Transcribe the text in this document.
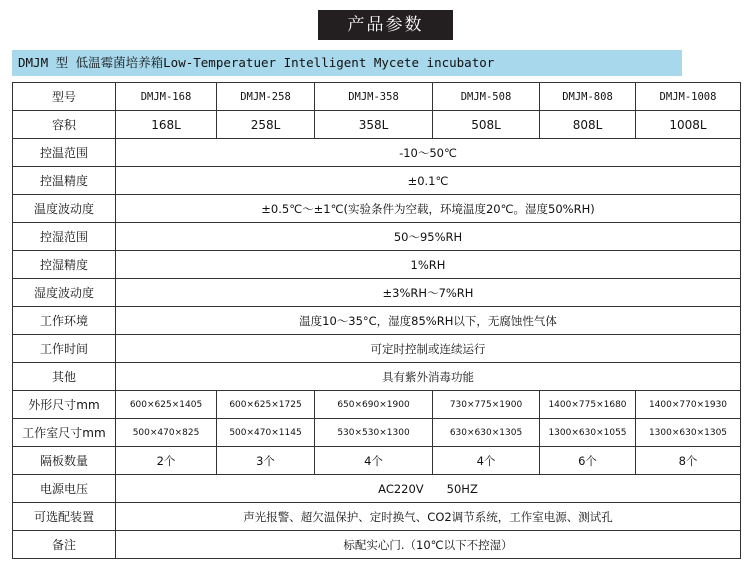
产品参数
DMJM 型 低温霉菌培养箱Low-Temperatuer Intelligent Mycete incubator
型号	DMJM-168	DMJM-258	DMJM-358	DMJM-508	DMJM-808	DMJM-1008
容积	168L	258L	358L	508L	808L	1008L
控温范围	-10～50℃					
控温精度	±0.1℃					
温度波动度	±0.5℃～±1℃(实验条件为空载，环境温度20℃。湿度50%RH)					
控湿范围	50～95%RH					
控湿精度	1%RH					
湿度波动度	±3%RH～7%RH					
工作环境	温度10～35°C，湿度85%RH以下，无腐蚀性气体					
工作时间	可定时控制或连续运行					
其他	具有紫外消毒功能					
外形尺寸mm	600×625×1405	600×625×1725	650×690×1900	730×775×1900	1400×775×1680	1400×770×1930
工作室尺寸mm	500×470×825	500×470×1145	530×530×1300	630×630×1305	1300×630×1055	1300×630×1305
隔板数量	2个	3个	4个	4个	6个	8个
电源电压	AC220V　　50HZ					
可选配装置	声光报警、超欠温保护、定时换气、CO2调节系统，工作室电源、测试孔					
备注	标配实心门.（10℃以下不控湿）					
